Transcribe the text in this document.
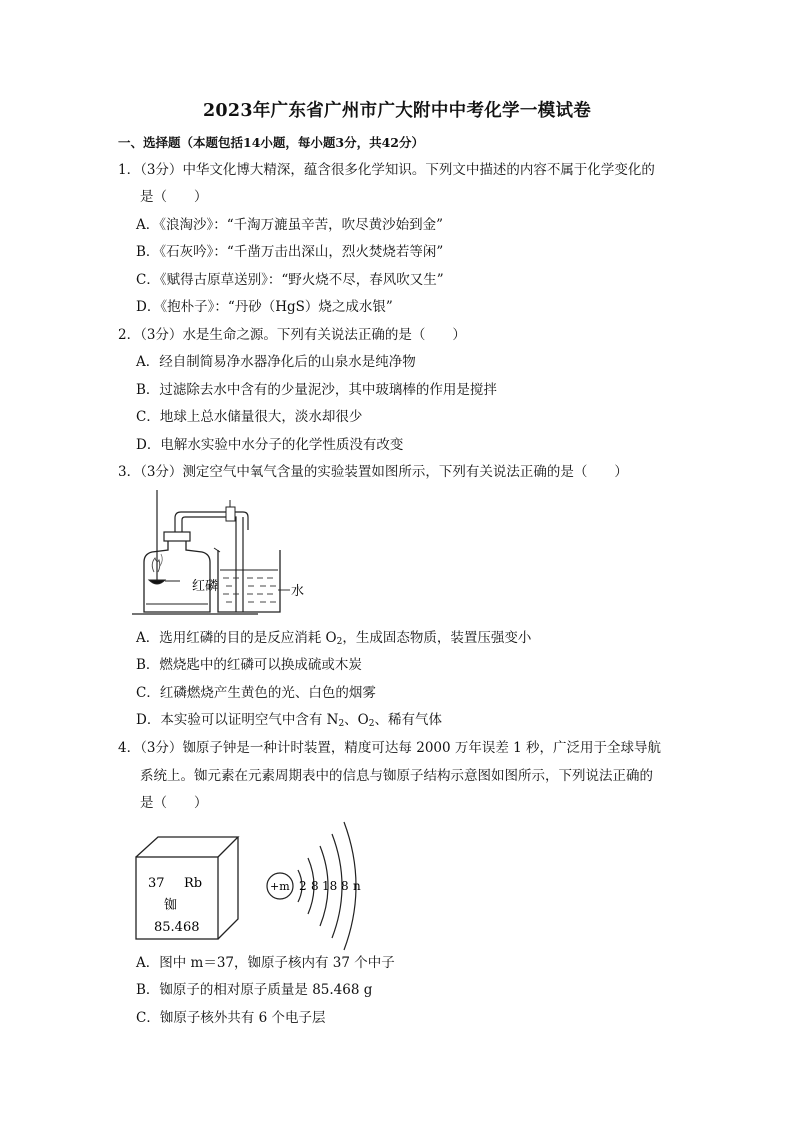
2023年广东省广州市广大附中中考化学一模试卷
一、选择题（本题包括14小题，每小题3分，共42分）
1．（3分）中华文化博大精深，蕴含很多化学知识。下列文中描述的内容不属于化学变化的
是（　　）
A．《浪淘沙》：“千淘万漉虽辛苦，吹尽黄沙始到金”
B．《石灰吟》：“千凿万击出深山，烈火焚烧若等闲”
C．《赋得古原草送别》：“野火烧不尽，春风吹又生”
D．《抱朴子》：“丹砂（HgS）烧之成水银”
2．（3分）水是生命之源。下列有关说法正确的是（　　）
A．经自制简易净水器净化后的山泉水是纯净物
B．过滤除去水中含有的少量泥沙，其中玻璃棒的作用是搅拌
C．地球上总水储量很大，淡水却很少
D．电解水实验中水分子的化学性质没有改变
3．（3分）测定空气中氧气含量的实验装置如图所示，下列有关说法正确的是（　　）
红磷	水
A．选用红磷的目的是反应消耗 $O_2$，生成固态物质，装置压强变小
B．燃烧匙中的红磷可以换成硫或木炭
C．红磷燃烧产生黄色的光、白色的烟雾
D．本实验可以证明空气中含有 $N_2$、$O_2$、稀有气体
4．（3分）铷原子钟是一种计时装置，精度可达每 2000 万年误差 1 秒，广泛用于全球导航
系统上。铷元素在元素周期表中的信息与铷原子结构示意图如图所示，下列说法正确的
是（　　）
37 Rb
铷
85.468
+m 2 8 18 8 n
A．图中 m＝37，铷原子核内有 37 个中子
B．铷原子的相对原子质量是 85.468 g
C．铷原子核外共有 6 个电子层
